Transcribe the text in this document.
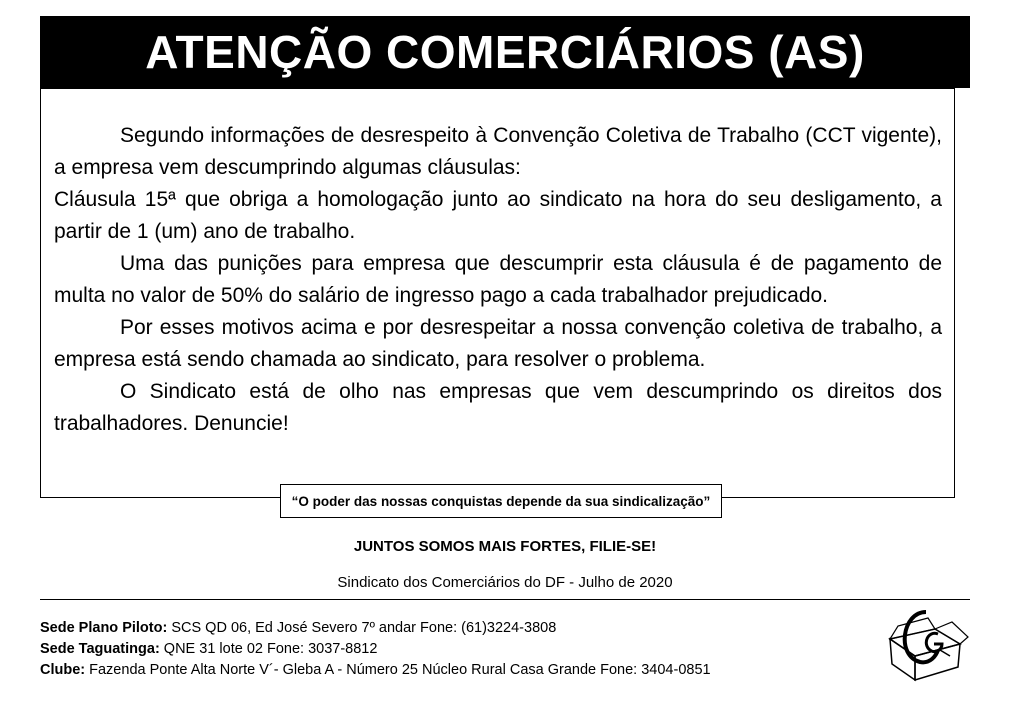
ATENÇÃO COMERCIÁRIOS (AS)

Segundo informações de desrespeito à Convenção Coletiva de Trabalho (CCT vigente), a empresa vem descumprindo algumas cláusulas:

Cláusula 15ª que obriga a homologação junto ao sindicato na hora do seu desligamento, a partir de 1 (um) ano de trabalho.

Uma das punições para empresa que descumprir esta cláusula é de pagamento de multa no valor de 50% do salário de ingresso pago a cada trabalhador prejudicado.

Por esses motivos acima e por desrespeitar a nossa convenção coletiva de trabalho, a empresa está sendo chamada ao sindicato, para resolver o problema.

O Sindicato está de olho nas empresas que vem descumprindo os direitos dos trabalhadores. Denuncie!

“O poder das nossas conquistas depende da sua sindicalização”
JUNTOS SOMOS MAIS FORTES, FILIE-SE!
Sindicato dos Comerciários do DF - Julho de 2020
Sede Plano Piloto: SCS QD 06, Ed José Severo 7º andar Fone: (61)3224-3808
Sede Taguatinga: QNE 31 lote 02 Fone: 3037-8812
Clube: Fazenda Ponte Alta Norte V´- Gleba A - Número 25 Núcleo Rural Casa Grande Fone: 3404-0851
